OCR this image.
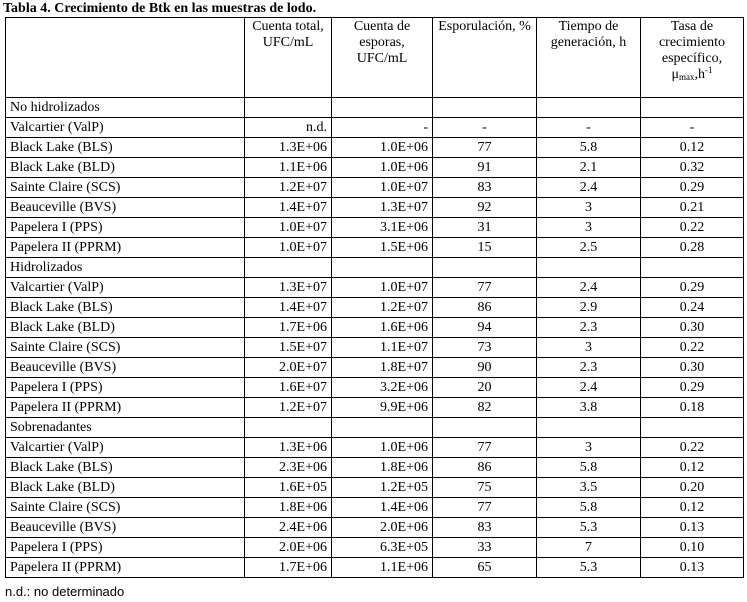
Tabla 4. Crecimiento de Btk en las muestras de lodo.
	Cuenta total, UFC/mL	Cuenta de esporas, UFC/mL	Esporulación, %	Tiempo de generación, h	Tasa de crecimiento específico,
$\mu_{max},h^{-1}$
No hidrolizados					
Valcartier (ValP)	n.d.	-	-	-	-
Black Lake (BLS)	1.3E+06	1.0E+06	77	5.8	0.12
Black Lake (BLD)	1.1E+06	1.0E+06	91	2.1	0.32
Sainte Claire (SCS)	1.2E+07	1.0E+07	83	2.4	0.29
Beauceville (BVS)	1.4E+07	1.3E+07	92	3	0.21
Papelera I (PPS)	1.0E+07	3.1E+06	31	3	0.22
Papelera II (PPRM)	1.0E+07	1.5E+06	15	2.5	0.28
Hidrolizados					
Valcartier (ValP)	1.3E+07	1.0E+07	77	2.4	0.29
Black Lake (BLS)	1.4E+07	1.2E+07	86	2.9	0.24
Black Lake (BLD)	1.7E+06	1.6E+06	94	2.3	0.30
Sainte Claire (SCS)	1.5E+07	1.1E+07	73	3	0.22
Beauceville (BVS)	2.0E+07	1.8E+07	90	2.3	0.30
Papelera I (PPS)	1.6E+07	3.2E+06	20	2.4	0.29
Papelera II (PPRM)	1.2E+07	9.9E+06	82	3.8	0.18
Sobrenadantes					
Valcartier (ValP)	1.3E+06	1.0E+06	77	3	0.22
Black Lake (BLS)	2.3E+06	1.8E+06	86	5.8	0.12
Black Lake (BLD)	1.6E+05	1.2E+05	75	3.5	0.20
Sainte Claire (SCS)	1.8E+06	1.4E+06	77	5.8	0.12
Beauceville (BVS)	2.4E+06	2.0E+06	83	5.3	0.13
Papelera I (PPS)	2.0E+06	6.3E+05	33	7	0.10
Papelera II (PPRM)	1.7E+06	1.1E+06	65	5.3	0.13
n.d.: no determinado
